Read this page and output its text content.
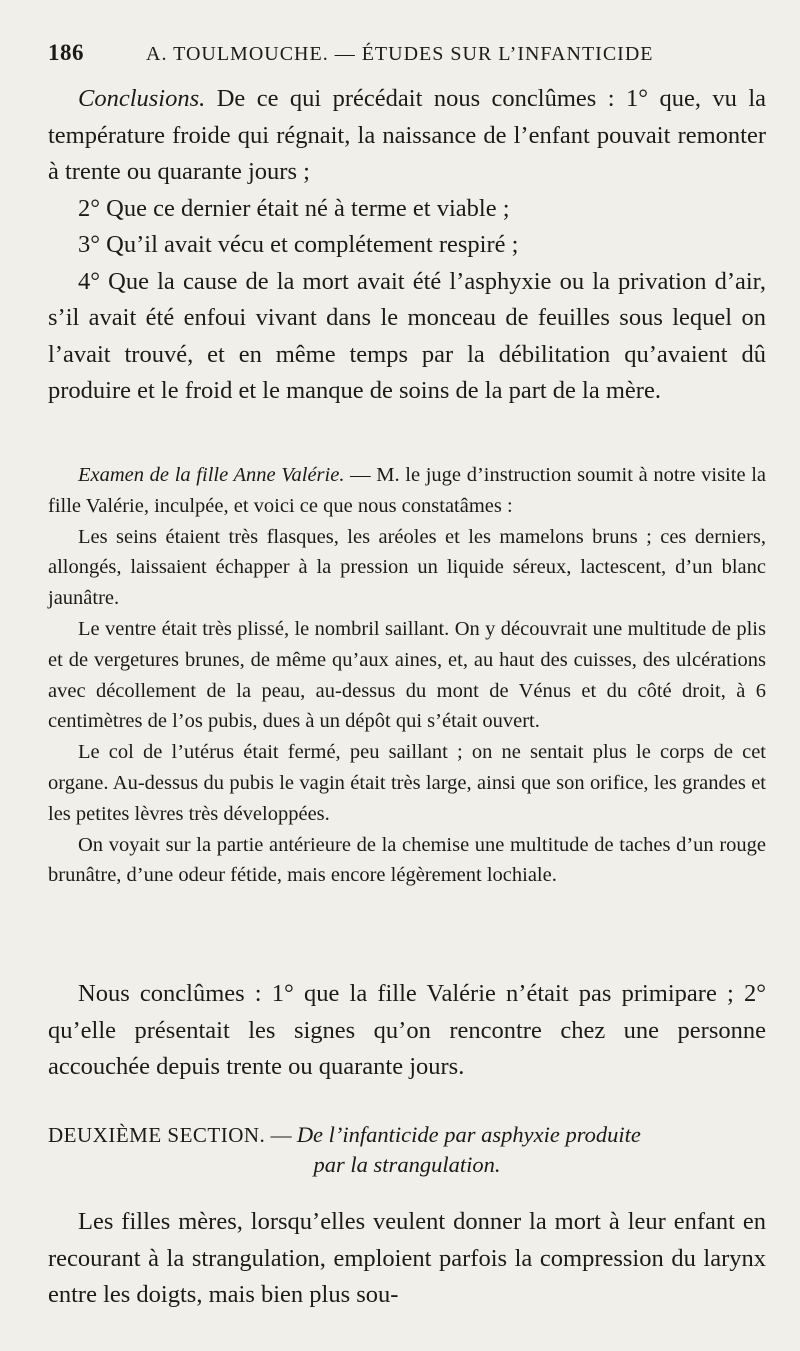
186	A. TOULMOUCHE. — ÉTUDES SUR L’INFANTICIDE

Conclusions. De ce qui précédait nous conclûmes : 1° que, vu la température froide qui régnait, la naissance de l’enfant pouvait remonter à trente ou quarante jours ;

2° Que ce dernier était né à terme et viable ;

3° Qu’il avait vécu et complétement respiré ;

4° Que la cause de la mort avait été l’asphyxie ou la privation d’air, s’il avait été enfoui vivant dans le monceau de feuilles sous lequel on l’avait trouvé, et en même temps par la débilitation qu’avaient dû produire et le froid et le manque de soins de la part de la mère.

Examen de la fille Anne Valérie. — M. le juge d’instruction soumit à notre visite la fille Valérie, inculpée, et voici ce que nous constatâmes :

Les seins étaient très flasques, les aréoles et les mamelons bruns ; ces derniers, allongés, laissaient échapper à la pression un liquide séreux, lactescent, d’un blanc jaunâtre.

Le ventre était très plissé, le nombril saillant. On y découvrait une multitude de plis et de vergetures brunes, de même qu’aux aines, et, au haut des cuisses, des ulcérations avec décollement de la peau, au-dessus du mont de Vénus et du côté droit, à 6 centimètres de l’os pubis, dues à un dépôt qui s’était ouvert.

Le col de l’utérus était fermé, peu saillant ; on ne sentait plus le corps de cet organe. Au-dessus du pubis le vagin était très large, ainsi que son orifice, les grandes et les petites lèvres très développées.

On voyait sur la partie antérieure de la chemise une multitude de taches d’un rouge brunâtre, d’une odeur fétide, mais encore légèrement lochiale.

Nous conclûmes : 1° que la fille Valérie n’était pas primipare ; 2° qu’elle présentait les signes qu’on rencontre chez une personne accouchée depuis trente ou quarante jours.

DEUXIÈME SECTION. — De l’infanticide par asphyxie produite

par la strangulation.

Les filles mères, lorsqu’elles veulent donner la mort à leur enfant en recourant à la strangulation, emploient parfois la compression du larynx entre les doigts, mais bien plus sou-
